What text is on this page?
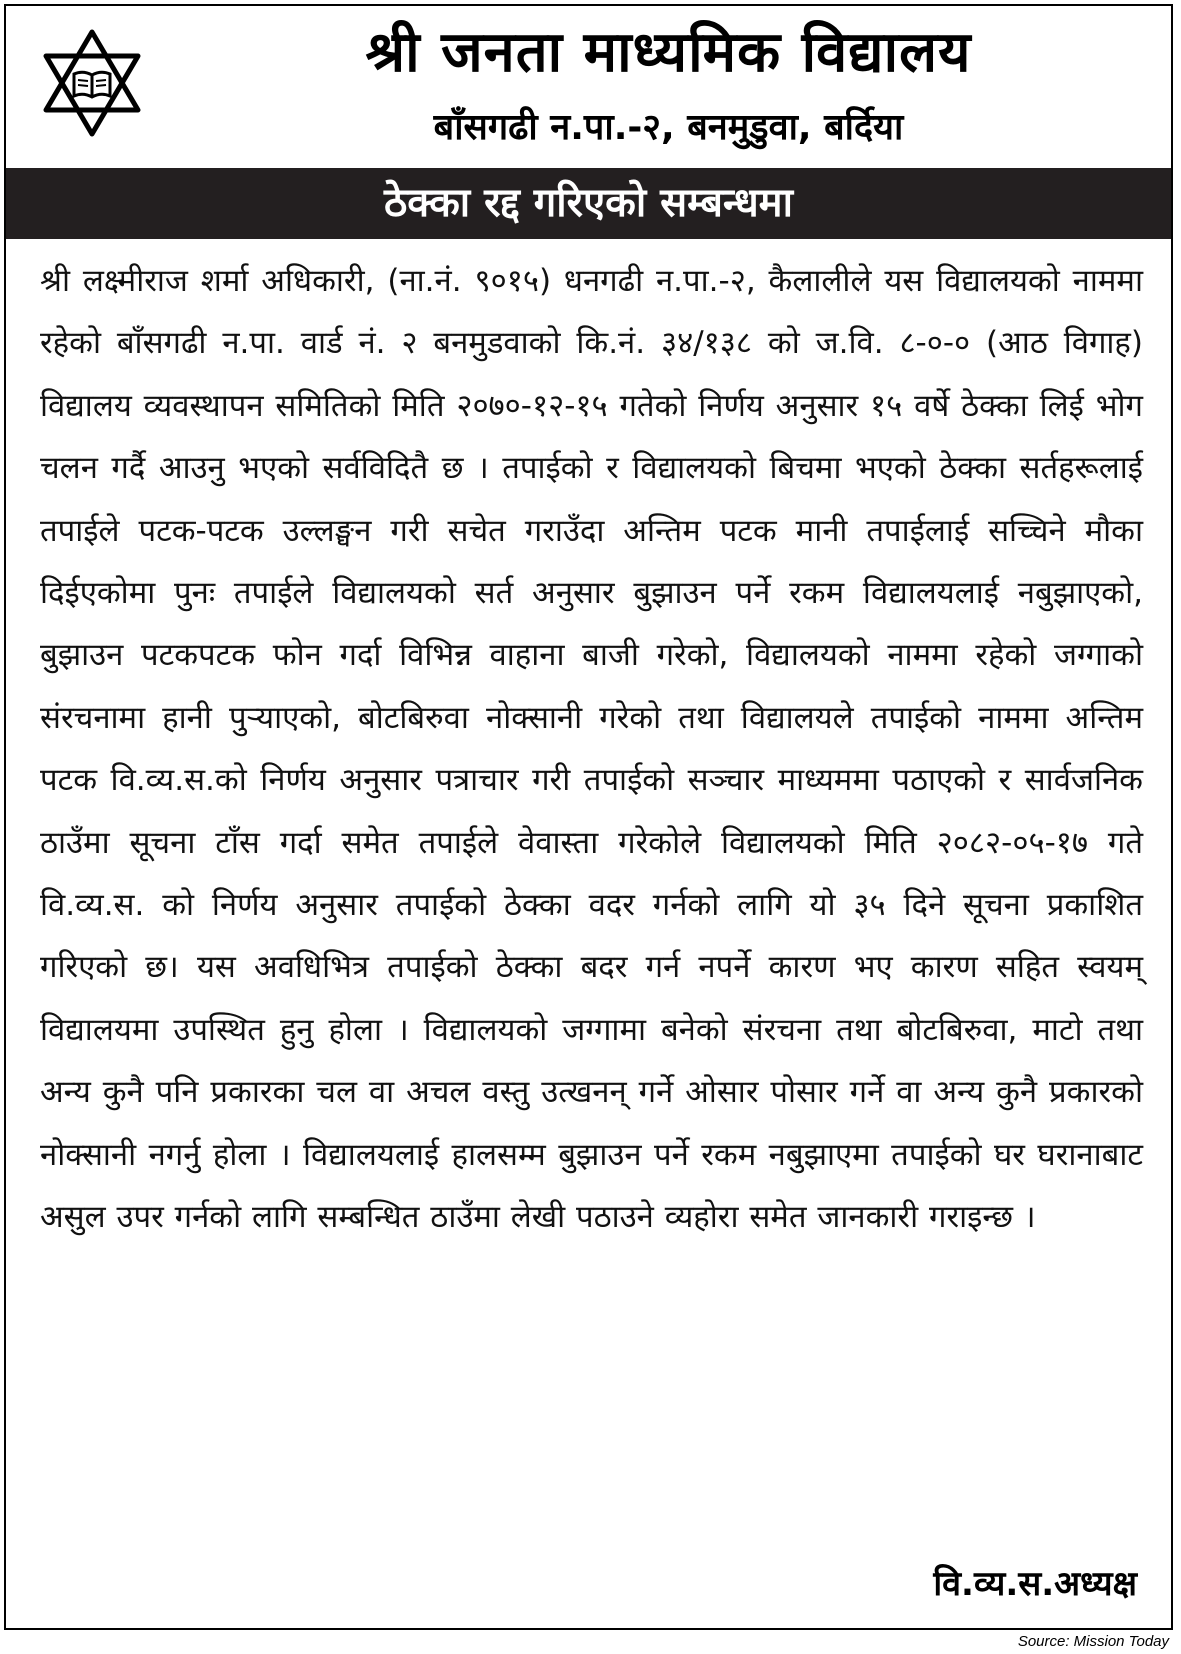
श्री जनता माध्यमिक विद्यालय
बाँसगढी न.पा.-२, बनमुडुवा, बर्दिया
ठेक्का रद्द गरिएको सम्बन्धमा
श्री लक्ष्मीराज शर्मा अधिकारी, (ना.नं. ९०१५) धनगढी न.पा.-२, कैलालीले यस विद्यालयको नाममा रहेको बाँसगढी न.पा. वार्ड नं. २ बनमुडवाको कि.नं. ३४/१३८ को ज.वि. ८-०-० (आठ विगाह) विद्यालय व्यवस्थापन समितिको मिति २०७०-१२-१५ गतेको निर्णय अनुसार १५ वर्षे ठेक्का लिई भोग चलन गर्दै आउनु भएको सर्वविदितै छ । तपाईको र विद्यालयको बिचमा भएको ठेक्का सर्तहरूलाई तपाईले पटक-पटक उल्लङ्घन गरी सचेत गराउँदा अन्तिम पटक मानी तपाईलाई सच्चिने मौका दिईएकोमा पुनः तपाईले विद्यालयको सर्त अनुसार बुझाउन पर्ने रकम विद्यालयलाई नबुझाएको, बुझाउन पटकपटक फोन गर्दा विभिन्न वाहाना बाजी गरेको, विद्यालयको नाममा रहेको जग्गाको संरचनामा हानी पुऱ्याएको, बोटबिरुवा नोक्सानी गरेको तथा विद्यालयले तपाईको नाममा अन्तिम पटक वि.व्य.स.को निर्णय अनुसार पत्राचार गरी तपाईको सञ्चार माध्यममा पठाएको र सार्वजनिक ठाउँमा सूचना टाँस गर्दा समेत तपाईले वेवास्ता गरेकोले विद्यालयको मिति २०८२-०५-१७ गते वि.व्य.स. को निर्णय अनुसार तपाईको ठेक्का वदर गर्नको लागि यो ३५ दिने सूचना प्रकाशित गरिएको छ। यस अवधिभित्र तपाईको ठेक्का बदर गर्न नपर्ने कारण भए कारण सहित स्वयम् विद्यालयमा उपस्थित हुनु होला । विद्यालयको जग्गामा बनेको संरचना तथा बोटबिरुवा, माटो तथा अन्य कुनै पनि प्रकारका चल वा अचल वस्तु उत्खनन् गर्ने ओसार पोसार गर्ने वा अन्य कुनै प्रकारको नोक्सानी नगर्नु होला । विद्यालयलाई हालसम्म बुझाउन पर्ने रकम नबुझाएमा तपाईको घर घरानाबाट असुल उपर गर्नको लागि सम्बन्धित ठाउँमा लेखी पठाउने व्यहोरा समेत जानकारी गराइन्छ ।
वि.व्य.स.अध्यक्ष
Source: Mission Today
